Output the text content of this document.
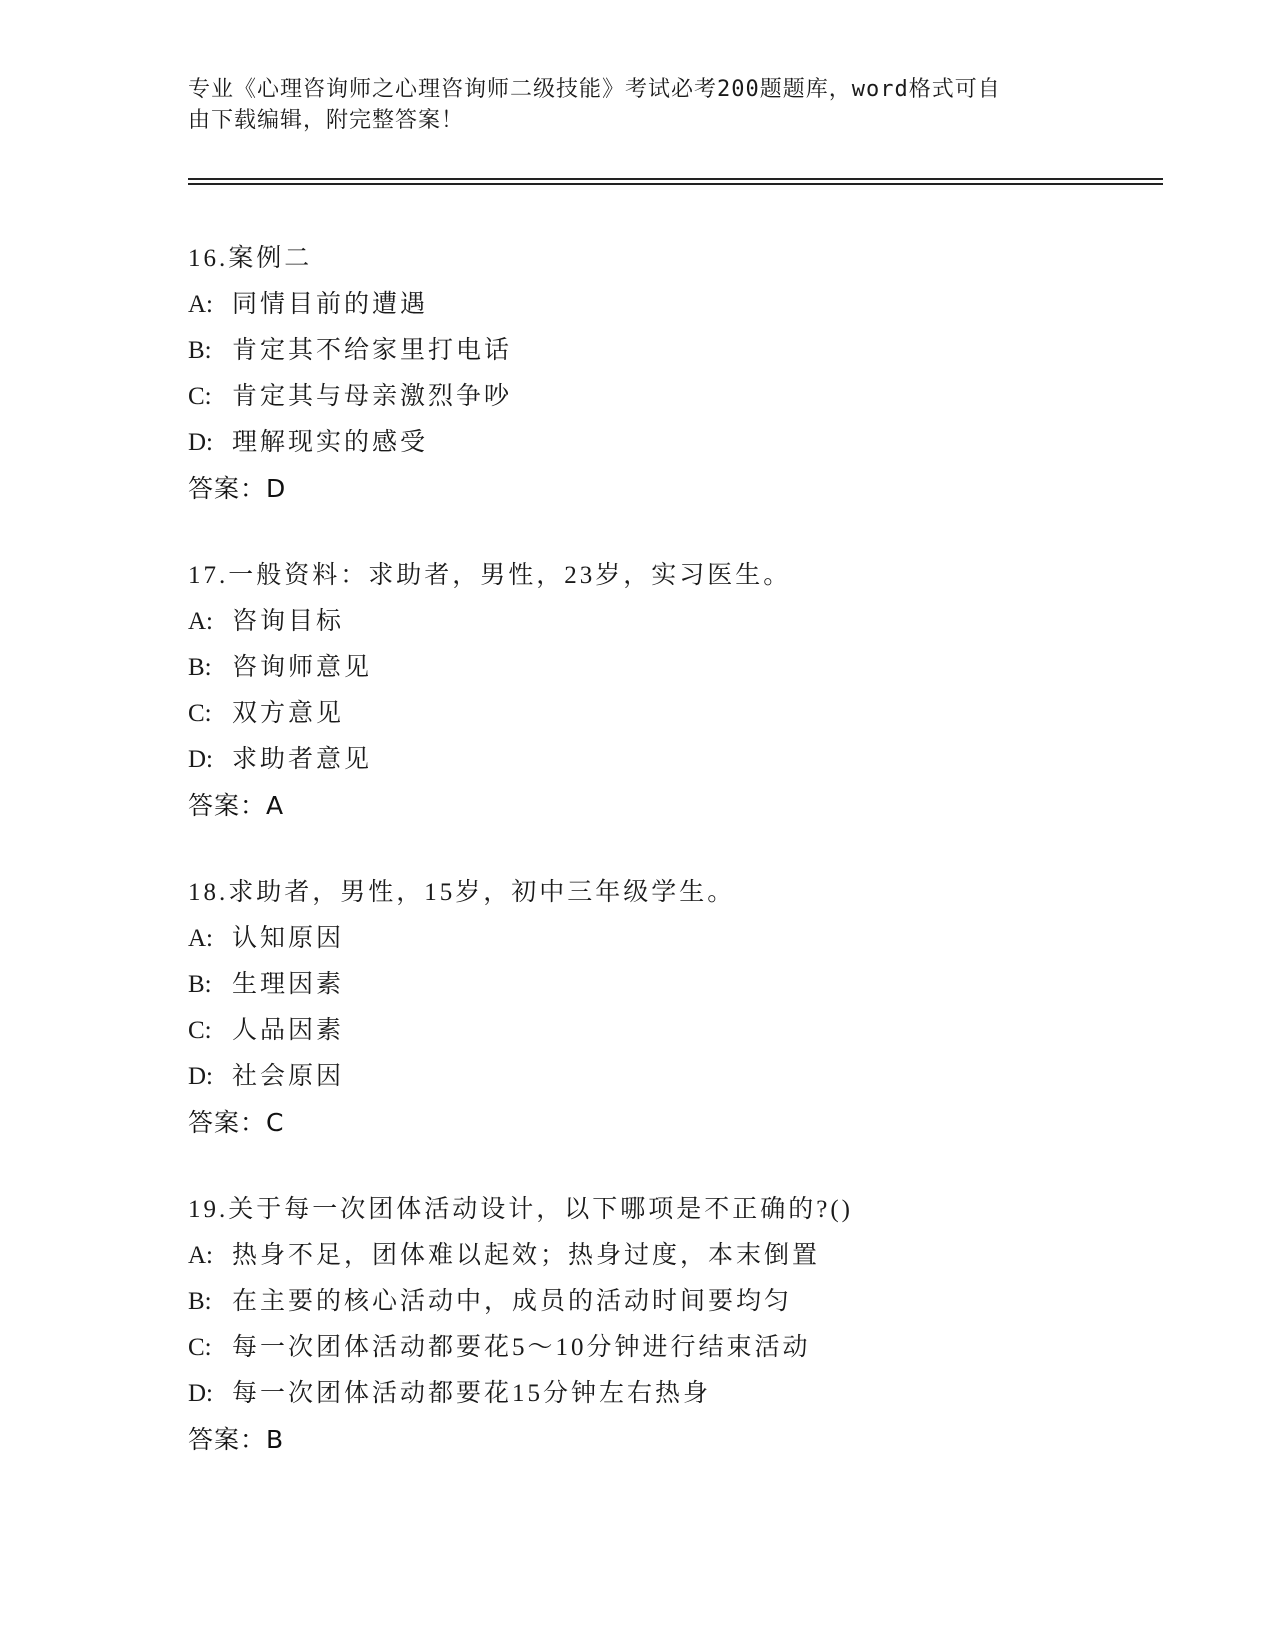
专业《心理咨询师之心理咨询师二级技能》考试必考200题题库，word格式可自
由下载编辑，附完整答案！
16.案例二
A: 同情目前的遭遇
B: 肯定其不给家里打电话
C: 肯定其与母亲激烈争吵
D: 理解现实的感受
答案：D
17.一般资料：求助者，男性，23岁，实习医生。
A: 咨询目标
B: 咨询师意见
C: 双方意见
D: 求助者意见
答案：A
18.求助者，男性，15岁，初中三年级学生。
A: 认知原因
B: 生理因素
C: 人品因素
D: 社会原因
答案：C
19.关于每一次团体活动设计，以下哪项是不正确的?()
A: 热身不足，团体难以起效；热身过度，本末倒置
B: 在主要的核心活动中，成员的活动时间要均匀
C: 每一次团体活动都要花5～10分钟进行结束活动
D: 每一次团体活动都要花15分钟左右热身
答案：B
